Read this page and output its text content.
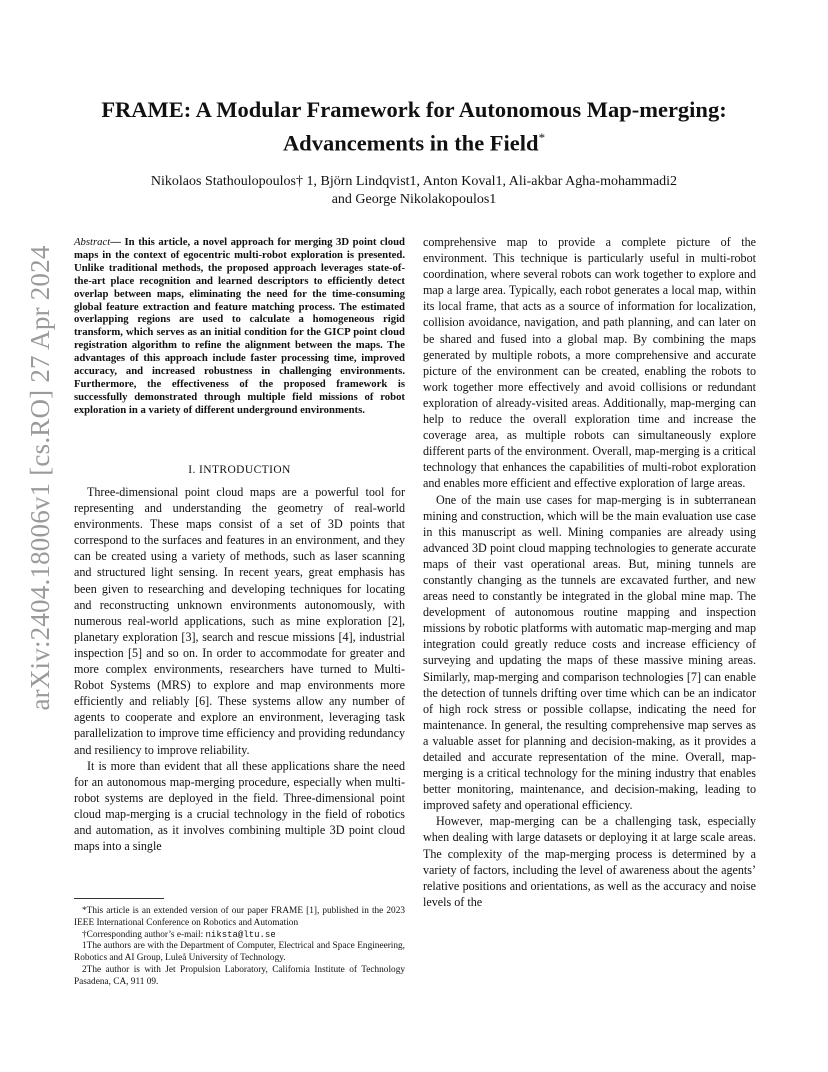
arXiv:2404.18006v1 [cs.RO] 27 Apr 2024
FRAME: A Modular Framework for Autonomous Map-merging:
Advancements in the Field*
Nikolaos Stathoulopoulos† 1, Björn Lindqvist1, Anton Koval1, Ali-akbar Agha-mohammadi2
and George Nikolakopoulos1
Abstract— In this article, a novel approach for merging 3D point cloud maps in the context of egocentric multi-robot exploration is presented. Unlike traditional methods, the proposed approach leverages state-of-the-art place recognition and learned descriptors to efficiently detect overlap between maps, eliminating the need for the time-consuming global feature extraction and feature matching process. The estimated overlapping regions are used to calculate a homogeneous rigid transform, which serves as an initial condition for the GICP point cloud registration algorithm to refine the alignment between the maps. The advantages of this approach include faster processing time, improved accuracy, and increased robustness in challenging environments. Furthermore, the effectiveness of the proposed framework is successfully demonstrated through multiple field missions of robot exploration in a variety of different underground environments.
I. INTRODUCTION

Three-dimensional point cloud maps are a powerful tool for representing and understanding the geometry of real-world environments. These maps consist of a set of 3D points that correspond to the surfaces and features in an environment, and they can be created using a variety of methods, such as laser scanning and structured light sensing. In recent years, great emphasis has been given to researching and developing techniques for locating and reconstructing unknown environments autonomously, with numerous real-world applications, such as mine exploration [2], planetary exploration [3], search and rescue missions [4], industrial inspection [5] and so on. In order to accommodate for greater and more complex environments, researchers have turned to Multi-Robot Systems (MRS) to explore and map environments more efficiently and reliably [6]. These systems allow any number of agents to cooperate and explore an environment, leveraging task parallelization to improve time efficiency and providing redundancy and resiliency to improve reliability.

It is more than evident that all these applications share the need for an autonomous map-merging procedure, especially when multi-robot systems are deployed in the field. Three-dimensional point cloud map-merging is a crucial technology in the field of robotics and automation, as it involves combining multiple 3D point cloud maps into a single

*This article is an extended version of our paper FRAME [1], published in the 2023 IEEE International Conference on Robotics and Automation

†Corresponding author’s e-mail: niksta@ltu.se

1The authors are with the Department of Computer, Electrical and Space Engineering, Robotics and AI Group, Luleå University of Technology.

2The author is with Jet Propulsion Laboratory, California Institute of Technology Pasadena, CA, 911 09.

comprehensive map to provide a complete picture of the environment. This technique is particularly useful in multi-robot coordination, where several robots can work together to explore and map a large area. Typically, each robot generates a local map, within its local frame, that acts as a source of information for localization, collision avoidance, navigation, and path planning, and can later on be shared and fused into a global map. By combining the maps generated by multiple robots, a more comprehensive and accurate picture of the environment can be created, enabling the robots to work together more effectively and avoid collisions or redundant exploration of already-visited areas. Additionally, map-merging can help to reduce the overall exploration time and increase the coverage area, as multiple robots can simultaneously explore different parts of the environment. Overall, map-merging is a critical technology that enhances the capabilities of multi-robot exploration and enables more efficient and effective exploration of large areas.

One of the main use cases for map-merging is in subterranean mining and construction, which will be the main evaluation use case in this manuscript as well. Mining companies are already using advanced 3D point cloud mapping technologies to generate accurate maps of their vast operational areas. But, mining tunnels are constantly changing as the tunnels are excavated further, and new areas need to constantly be integrated in the global mine map. The development of autonomous routine mapping and inspection missions by robotic platforms with automatic map-merging and map integration could greatly reduce costs and increase efficiency of surveying and updating the maps of these massive mining areas. Similarly, map-merging and comparison technologies [7] can enable the detection of tunnels drifting over time which can be an indicator of high rock stress or possible collapse, indicating the need for maintenance. In general, the resulting comprehensive map serves as a valuable asset for planning and decision-making, as it provides a detailed and accurate representation of the mine. Overall, map-merging is a critical technology for the mining industry that enables better monitoring, maintenance, and decision-making, leading to improved safety and operational efficiency.

However, map-merging can be a challenging task, especially when dealing with large datasets or deploying it at large scale areas. The complexity of the map-merging process is determined by a variety of factors, including the level of awareness about the agents’ relative positions and orientations, as well as the accuracy and noise levels of the
